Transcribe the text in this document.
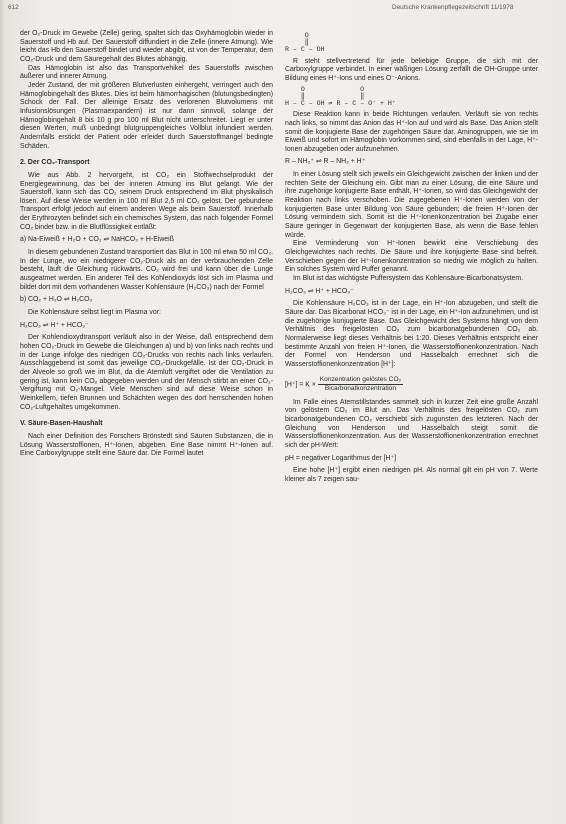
612	Deutsche Krankenpflegezeitschrift 11/1978

der O₂-Druck im Gewebe (Zelle) gering, spaltet sich das Oxyhämoglobin wieder in Sauerstoff und Hb auf. Der Sauerstoff diffundiert in die Zelle (innere Atmung). Wie leicht das Hb den Sauerstoff bindet und wieder abgibt, ist von der Temperatur, dem CO₂-Druck und dem Säuregehalt des Blutes abhängig.

Das Hämoglobin ist also das Transportvehikel des Sauerstoffs zwischen äußerer und innerer Atmung.

Jeder Zustand, der mit größeren Blutverlusten einhergeht, verringert auch den Hämoglobingehalt des Blutes. Dies ist beim hämorrhagischen (blutungsbedingten) Schock der Fall. Der alleinige Ersatz des verlorenen Blutvolumens mit Infusionslösungen (Plasmaexpandern) ist nur dann sinnvoll, solange der Hämoglobingehalt 8 bis 10 g pro 100 ml Blut nicht unterschreitet. Liegt er unter diesen Werten, muß unbedingt blutgruppengleiches Vollblut infundiert werden. Andernfalls erstickt der Patient oder erleidet durch Sauerstoffmangel bedingte Schäden.

2. Der CO₂-Transport

Wie aus Abb. 2 hervorgeht, ist CO₂ ein Stoffwechselprodukt der Energiegewinnung, das bei der inneren Atmung ins Blut gelangt. Wie der Sauerstoff, kann sich das CO₂ seinem Druck entsprechend im Blut physikalisch lösen. Auf diese Weise werden in 100 ml Blut 2,5 ml CO₂ gelöst. Der gebundene Transport erfolgt jedoch auf einem anderen Wege als beim Sauerstoff. Innerhalb der Erythrozyten befindet sich ein chemisches System, das nach folgender Formel CO₂ bindet bzw. in die Blutflüssigkeit entläßt:

a) Na-Eiweiß + H₂O + CO₂ ⇌ NaHCO₃ + H-Eiweiß

In diesem gebundenen Zustand transportiert das Blut in 100 ml etwa 50 ml CO₂. In der Lunge, wo ein niedrigerer CO₂-Druck als an der verbrauchenden Zelle besteht, läuft die Gleichung rückwärts. CO₂ wird frei und kann über die Lunge ausgeatmet werden. Ein anderer Teil des Kohlendioxyds löst sich im Plasma und bildet dort mit dem vorhandenen Wasser Kohlensäure (H₂CO₃) nach der Formel

b) CO₂ + H₂O ⇌ H₂CO₃

Die Kohlensäure selbst liegt im Plasma vor:

H₂CO₃ ⇌ H⁺ + HCO₃⁻

Der Kohlendioxydtransport verläuft also in der Weise, daß entsprechend dem hohen CO₂-Druck im Gewebe die Gleichungen a) und b) von links nach rechts und in der Lunge infolge des niedrigen CO₂-Drucks von rechts nach links verlaufen. Ausschlaggebend ist somit das jeweilige CO₂-Druckgefälle. Ist der CO₂-Druck in der Alveole so groß wie im Blut, da die Atemluft vergiftet oder die Ventilation zu gering ist, kann kein CO₂ abgegeben werden und der Mensch stirbt an einer CO₂-Vergiftung mit O₂-Mangel. Viele Menschen sind auf diese Weise schon in Weinkellern, tiefen Brunnen und Schächten wegen des dort herrschenden hohen CO₂-Luftgehaltes umgekommen.

V. Säure-Basen-Haushalt

Nach einer Definition des Forschers Brönstedt sind Säuren Substanzen, die in Lösung Wasserstoffionen, H⁺-Ionen, abgeben. Eine Base nimmt H⁺-Ionen auf. Eine Carboxylgruppe stellt eine Säure dar. Die Formel lautet

O
‖
R – C – OH

R steht stellvertretend für jede beliebige Gruppe, die sich mit der Carboxylgruppe verbindet. In einer wäßrigen Lösung zerfällt die OH-Gruppe unter Bildung eines H⁺-Ions und eines O⁻-Anions.

O              O
‖              ‖
H – C – OH ⇌ R – C – O⁻ + H⁺

Diese Reaktion kann in beide Richtungen verlaufen. Verläuft sie von rechts nach links, so nimmt das Anion das H⁺-Ion auf und wird als Base. Das Anion stellt somit die konjugierte Base der zugehörigen Säure dar. Aminogruppen, wie sie im Eiweiß und sofort im Hämoglobin vorkommen sind, sind ebenfalls in der Lage, H⁺-Ionen abzugeben oder aufzunehmen.

R – NH₂⁺ ⇌ R – NH₂ + H⁺

In einer Lösung stellt sich jeweils ein Gleichgewicht zwischen der linken und der rechten Seite der Gleichung ein. Gibt man zu einer Lösung, die eine Säure und ihre zugehörige konjugierte Base enthält, H⁺-Ionen, so wird das Gleichgewicht der Reaktion nach links verschoben. Die zugegebenen H⁺-Ionen werden von der konjugierten Base unter Bildung von Säure gebunden; die freien H⁺-Ionen der Lösung vermindern sich. Somit ist die H⁺-Ionenkonzentration bei Zugabe einer Säure geringer in Gegenwart der konjugierten Base, als wenn die Base fehlen würde.

Eine Verminderung von H⁺-Ionen bewirkt eine Verschiebung des Gleichgewichtes nach rechts. Die Säure und ihre konjugierte Base sind befreit. Verschieben gegen der H⁺-Ionenkonzentration so niedrig wie möglich zu halten. Ein solches System wird Puffer genannt.

Im Blut ist das wichtigste Puffersystem das Kohlensäure-Bicarbonatsystem.

H₂CO₃ ⇌ H⁺ + HCO₃⁻

Die Kohlensäure H₂CO₃ ist in der Lage, ein H⁺-Ion abzugeben, und stellt die Säure dar. Das Bicarbonat HCO₃⁻ ist in der Lage, ein H⁺-Ion aufzunehmen, und ist die zugehörige konjugierte Base. Das Gleichgewicht des Systems hängt von dem Verhältnis des freigelösten CO₂ zum bicarbonatgebundenen CO₂ ab. Normalerweise liegt dieses Verhältnis bei 1:20. Dieses Verhältnis entspricht einer bestimmte Anzahl von freien H⁺-Ionen, die Wasserstoffionenkonzentration. Nach der Formel von Henderson und Hasselbalch errechnet sich die Wasserstoffionenkonzentration [H⁺]:

$[H^+] = K \times \frac{\text{Konzentration gelöstes CO₂}}{\text{Bicarbonatkonzentration}}$

Im Falle eines Atemstillstandes sammelt sich in kurzer Zeit eine große Anzahl von gelöstem CO₂ im Blut an. Das Verhältnis des freigelösten CO₂ zum bicarbonatgebundenen CO₂ verschiebt sich zugunsten des letzteren. Nach der Gleichung von Henderson und Hasselbalch steigt somit die Wasserstoffionenkonzentration. Aus der Wasserstoffionenkonzentration errechnet sich der pH-Wert:

pH = negativer Logarithmus der [H⁺]

Eine hohe [H⁺] ergibt einen niedrigen pH. Als normal gilt ein pH von 7. Werte kleiner als 7 zeigen sau-
